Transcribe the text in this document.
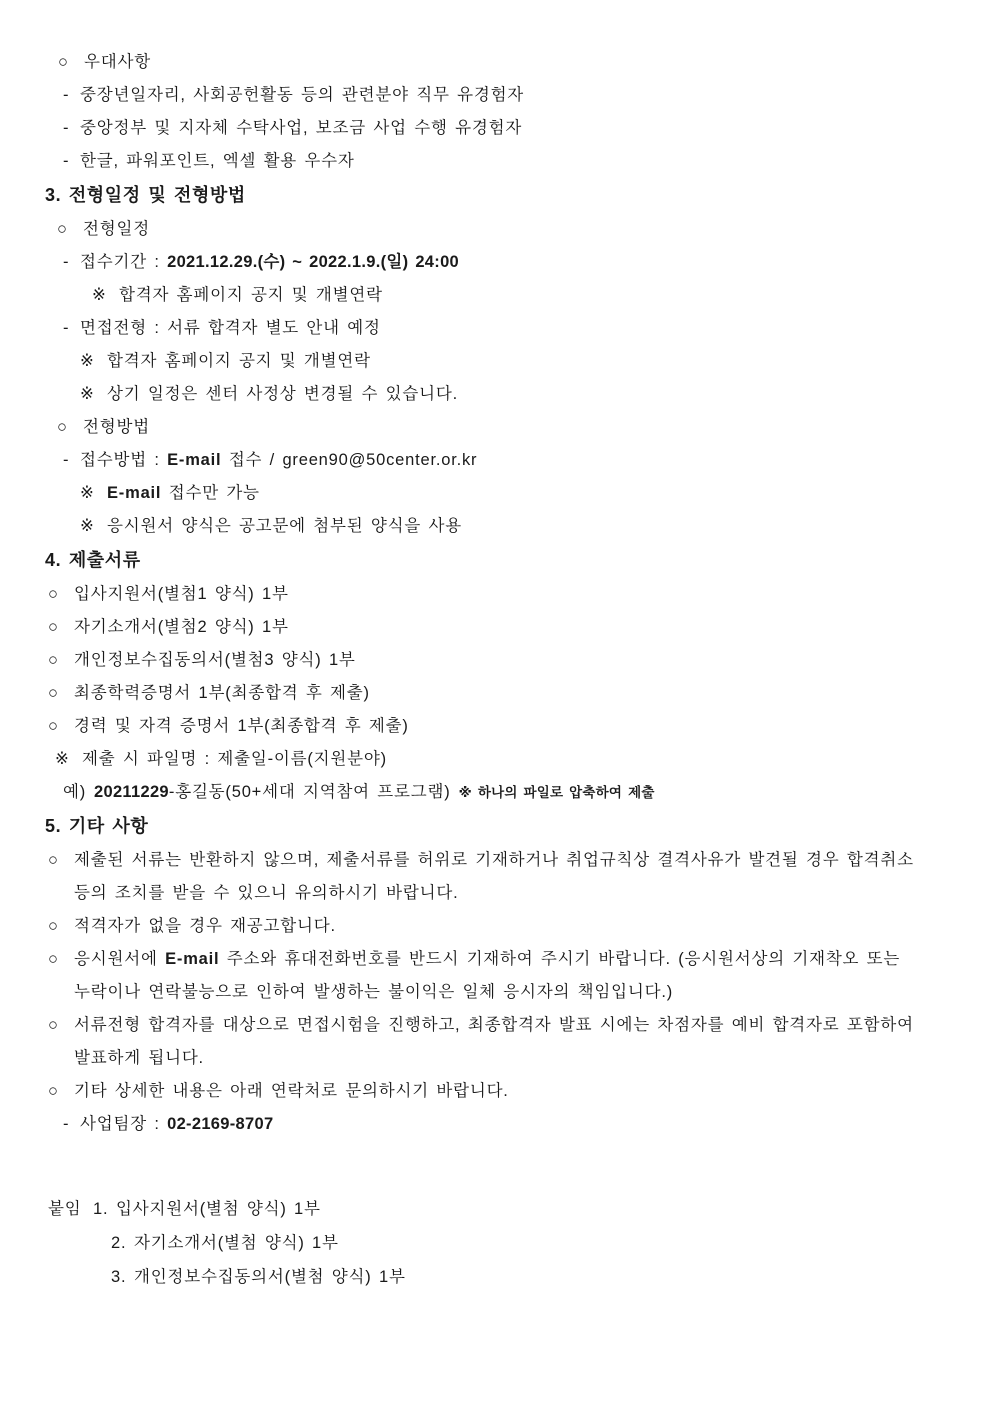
○ 우대사항
- 중장년일자리, 사회공헌활동 등의 관련분야 직무 유경험자
- 중앙정부 및 지자체 수탁사업, 보조금 사업 수행 유경험자
- 한글, 파워포인트, 엑셀 활용 우수자
3. 전형일정 및 전형방법
○ 전형일정
- 접수기간 : 2021.12.29.(수) ~ 2022.1.9.(일) 24:00
※ 합격자 홈페이지 공지 및 개별연락
- 면접전형 : 서류 합격자 별도 안내 예정
※ 합격자 홈페이지 공지 및 개별연락
※ 상기 일정은 센터 사정상 변경될 수 있습니다.
○ 전형방법
- 접수방법 : E-mail 접수 / green90@50center.or.kr
※ E-mail 접수만 가능
※ 응시원서 양식은 공고문에 첨부된 양식을 사용
4. 제출서류
○ 입사지원서(별첨1 양식) 1부
○ 자기소개서(별첨2 양식) 1부
○ 개인정보수집동의서(별첨3 양식) 1부
○ 최종학력증명서 1부(최종합격 후 제출)
○ 경력 및 자격 증명서 1부(최종합격 후 제출)
※ 제출 시 파일명 : 제출일-이름(지원분야)
예) 20211229-홍길동(50+세대 지역참여 프로그램) ※ 하나의 파일로 압축하여 제출
5. 기타 사항
○ 제출된 서류는 반환하지 않으며, 제출서류를 허위로 기재하거나 취업규칙상 결격사유가 발견될 경우 합격취소 등의 조치를 받을 수 있으니 유의하시기 바랍니다.
○ 적격자가 없을 경우 재공고합니다.
○ 응시원서에 E-mail 주소와 휴대전화번호를 반드시 기재하여 주시기 바랍니다. (응시원서상의 기재착오 또는 누락이나 연락불능으로 인하여 발생하는 불이익은 일체 응시자의 책임입니다.)
○ 서류전형 합격자를 대상으로 면접시험을 진행하고, 최종합격자 발표 시에는 차점자를 예비 합격자로 포함하여 발표하게 됩니다.
○ 기타 상세한 내용은 아래 연락처로 문의하시기 바랍니다.
- 사업팀장 : 02-2169-8707
붙임 1. 입사지원서(별첨 양식) 1부
2. 자기소개서(별첨 양식) 1부
3. 개인정보수집동의서(별첨 양식) 1부
